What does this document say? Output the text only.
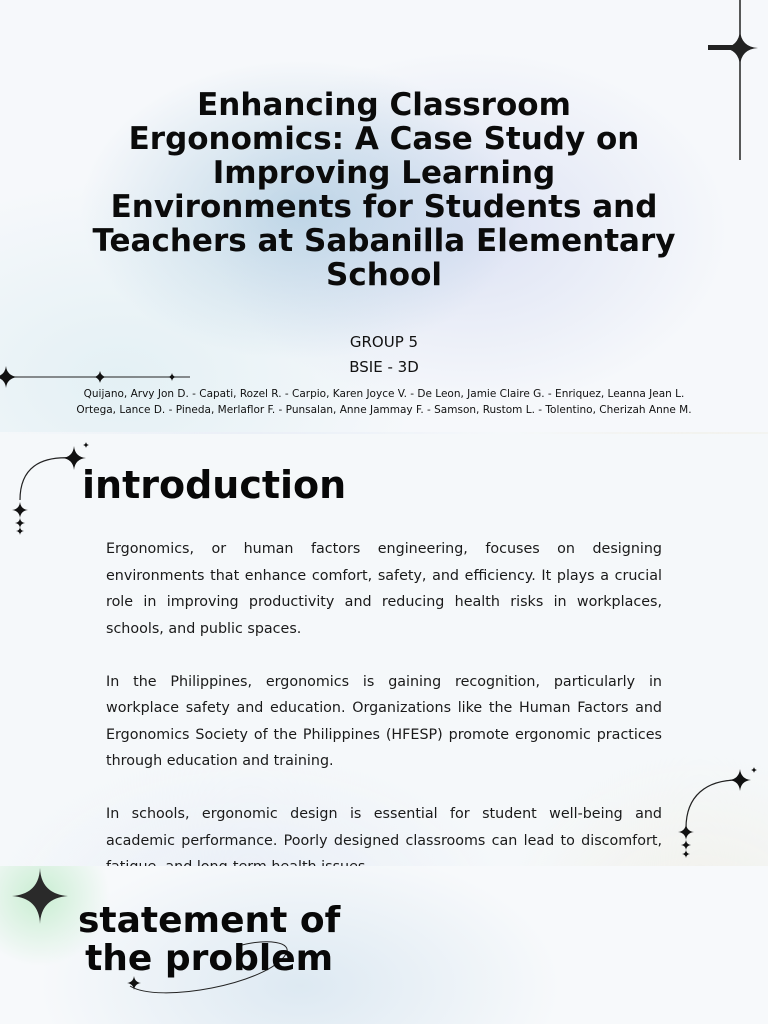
Enhancing Classroom Ergonomics: A Case Study on Improving Learning Environments for Students and Teachers at Sabanilla Elementary School
GROUP 5
BSIE - 3D
Quijano, Arvy Jon D. - Capati, Rozel R. - Carpio, Karen Joyce V. - De Leon, Jamie Claire G. - Enriquez, Leanna Jean L.
Ortega, Lance D. - Pineda, Merlaflor F. - Punsalan, Anne Jammay F. - Samson, Rustom L. - Tolentino, Cherizah Anne M.
introduction

Ergonomics, or human factors engineering, focuses on designing environments that enhance comfort, safety, and efficiency. It plays a crucial role in improving productivity and reducing health risks in workplaces, schools, and public spaces.

In the Philippines, ergonomics is gaining recognition, particularly in workplace safety and education. Organizations like the Human Factors and Ergonomics Society of the Philippines (HFESP) promote ergonomic practices through education and training.

In schools, ergonomic design is essential for student well-being and academic performance. Poorly designed classrooms can lead to discomfort,

statement of
the problem
